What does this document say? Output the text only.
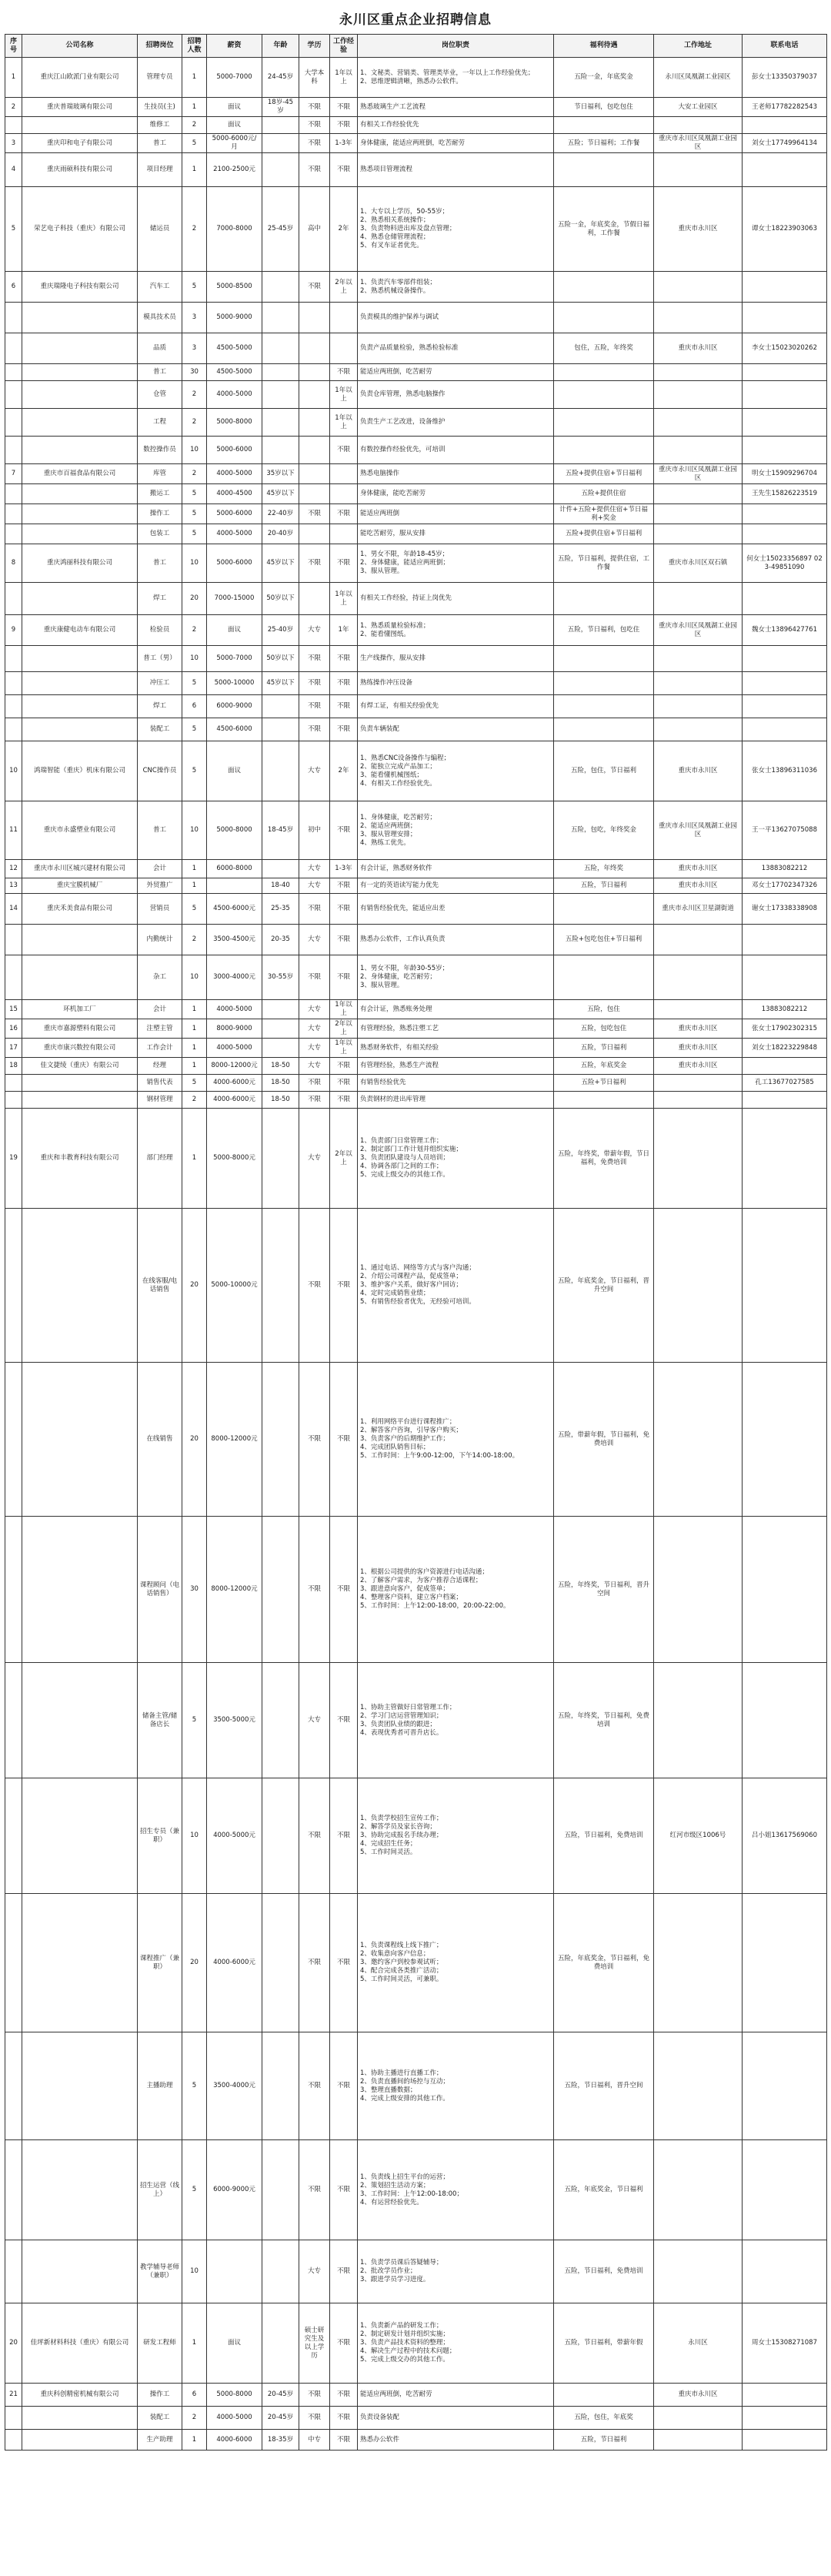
永川区重点企业招聘信息
序号	公司名称	招聘岗位	招聘人数	薪资	年龄	学历	工作经验	岗位职责	福利待遇	工作地址	联系电话
1	重庆江山欧派门业有限公司	管理专员	1	5000-7000	24-45岁	大学本科	1年以上	1、文秘类、营销类、管理类毕业，一年以上工作经验优先；
2、思维逻辑清晰，熟悉办公软件。	五险一金，年底奖金	永川区凤凰湖工业园区	彭女士13350379037
2	重庆普瑞玻璃有限公司	生技员(主)	1	面议	18岁-45岁	不限	不限	熟悉玻璃生产工艺流程	节日福利，包吃包住	大安工业园区	王老师17782282543
		维修工	2	面议		不限	不限	有相关工作经验优先			
3	重庆印和电子有限公司	普工	5	5000-6000元/月		不限	1-3年	身体健康，能适应两班倒，吃苦耐劳	五险；节日福利；工作餐	重庆市永川区凤凰湖工业园区	刘女士17749964134
4	重庆雨硕科技有限公司	项目经理	1	2100-2500元		不限	不限	熟悉项目管理流程			
5	荣艺电子科技（重庆）有限公司	储运员	2	7000-8000	25-45岁	高中	2年	1、大专以上学历，50-55岁；
2、熟悉相关系统操作；
3、负责物料进出库及盘点管理；
4、熟悉仓储管理流程；
5、有叉车证者优先。	五险一金，年底奖金，节假日福利，工作餐	重庆市永川区	谭女士18223903063
6	重庆瑞隆电子科技有限公司	汽车工	5	5000-8500		不限	2年以上	1、负责汽车零部件组装；
2、熟悉机械设备操作。			
		模具技术员	3	5000-9000				负责模具的维护保养与调试			
		品质	3	4500-5000				负责产品质量检验，熟悉检验标准	包住，五险，年终奖	重庆市永川区	李女士15023020262
		普工	30	4500-5000			不限	能适应两班倒，吃苦耐劳			
		仓管	2	4000-5000			1年以上	负责仓库管理，熟悉电脑操作			
		工程	2	5000-8000			1年以上	负责生产工艺改进，设备维护			
		数控操作员	10	5000-6000			不限	有数控操作经验优先，可培训			
7	重庆市百福食品有限公司	库管	2	4000-5000	35岁以下			熟悉电脑操作	五险+提供住宿+节日福利	重庆市永川区凤凰湖工业园区	明女士15909296704
		搬运工	5	4000-4500	45岁以下			身体健康，能吃苦耐劳	五险+提供住宿		王先生15826223519
		操作工	5	5000-6000	22-40岁	不限	不限	能适应两班倒	计件+五险+提供住宿+节日福利+奖金		
		包装工	5	4000-5000	20-40岁			能吃苦耐劳，服从安排	五险+提供住宿+节日福利		
8	重庆鸿丽科技有限公司	普工	10	5000-6000	45岁以下	不限	不限	1、男女不限，年龄18-45岁；
2、身体健康，能适应两班倒；
3、服从管理。	五险，节日福利，提供住宿，工作餐	重庆市永川区双石镇	何女士15023356897 023-49851090
		焊工	20	7000-15000	50岁以下		1年以上	有相关工作经验，持证上岗优先			
9	重庆康健电动车有限公司	检验员	2	面议	25-40岁	大专	1年	1、熟悉质量检验标准；
2、能看懂图纸。	五险，节日福利，包吃住	重庆市永川区凤凰湖工业园区	魏女士13896427761
		普工（男）	10	5000-7000	50岁以下	不限	不限	生产线操作，服从安排			
		冲压工	5	5000-10000	45岁以下	不限	不限	熟练操作冲压设备			
		焊工	6	6000-9000		不限	不限	有焊工证，有相关经验优先			
		装配工	5	4500-6000		不限	不限	负责车辆装配			
10	鸿瑞智能（重庆）机床有限公司	CNC操作员	5	面议		大专	2年	1、熟悉CNC设备操作与编程；
2、能独立完成产品加工；
3、能看懂机械图纸；
4、有相关工作经验优先。	五险，包住，节日福利	重庆市永川区	张女士13896311036
11	重庆市永盛塑业有限公司	普工	10	5000-8000	18-45岁	初中	不限	1、身体健康，吃苦耐劳；
2、能适应两班倒；
3、服从管理安排；
4、熟练工优先。	五险，包吃，年终奖金	重庆市永川区凤凰湖工业园区	王一平13627075088
12	重庆市永川区城兴建材有限公司	会计	1	6000-8000		大专	1-3年	有会计证，熟悉财务软件	五险，年终奖	重庆市永川区	13883082212
13	重庆宝膜机械厂	外贸推广	1		18-40	大专	不限	有一定的英语读写能力优先	五险，节日福利	重庆市永川区	邓女士17702347326
14	重庆禾美食品有限公司	营销员	5	4500-6000元	25-35	不限	不限	有销售经验优先，能适应出差		重庆市永川区卫星湖街道	谢女士17338338908
		内勤统计	2	3500-4500元	20-35	大专	不限	熟悉办公软件，工作认真负责	五险+包吃包住+节日福利		
		杂工	10	3000-4000元	30-55岁	不限	不限	1、男女不限，年龄30-55岁；
2、身体健康，吃苦耐劳；
3、服从管理。			
15	环机加工厂	会计	1	4000-5000		大专	1年以上	有会计证，熟悉账务处理	五险，包住		13883082212
16	重庆市嘉源塑料有限公司	注塑主管	1	8000-9000		大专	2年以上	有管理经验，熟悉注塑工艺	五险，包吃包住	重庆市永川区	张女士17902302315
17	重庆市康兴数控有限公司	工作会计	1	4000-5000		大专	1年以上	熟悉财务软件，有相关经验	五险，节日福利	重庆市永川区	刘女士18223229848
18	佳文捷绫（重庆）有限公司	经理	1	8000-12000元	18-50	大专	不限	有管理经验，熟悉生产流程	五险，年底奖金	重庆市永川区	
		销售代表	5	4000-6000元	18-50	不限	不限	有销售经验优先	五险+节日福利		孔工13677027585
		钢材管理	2	4000-6000元	18-50	不限	不限	负责钢材的进出库管理			
19	重庆和丰教育科技有限公司	部门经理	1	5000-8000元		大专	2年以上	1、负责部门日常管理工作；
2、制定部门工作计划并组织实施；
3、负责团队建设与人员培训；
4、协调各部门之间的工作；
5、完成上级交办的其他工作。	五险，年终奖，带薪年假，节日福利，免费培训		
		在线客服/电话销售	20	5000-10000元		不限	不限	1、通过电话、网络等方式与客户沟通；
2、介绍公司课程产品，促成签单；
3、维护客户关系，做好客户回访；
4、定时完成销售业绩；
5、有销售经验者优先，无经验可培训。	五险，年底奖金，节日福利，晋升空间		
		在线销售	20	8000-12000元		不限	不限	1、利用网络平台进行课程推广；
2、解答客户咨询，引导客户购买；
3、负责客户的后期维护工作；
4、完成团队销售目标；
5、工作时间：上午9:00-12:00，下午14:00-18:00。	五险，带薪年假，节日福利，免费培训		
		课程顾问（电话销售）	30	8000-12000元		不限	不限	1、根据公司提供的客户资源进行电话沟通；
2、了解客户需求，为客户推荐合适课程；
3、跟进意向客户，促成签单；
4、整理客户资料，建立客户档案；
5、工作时间：上午12:00-18:00，20:00-22:00。	五险，年终奖，节日福利，晋升空间		
		储备主管/储备店长	5	3500-5000元		大专	不限	1、协助主管做好日常管理工作；
2、学习门店运营管理知识；
3、负责团队业绩的跟进；
4、表现优秀者可晋升店长。	五险，年终奖，节日福利，免费培训		
		招生专员（兼职）	10	4000-5000元		不限	不限	1、负责学校招生宣传工作；
2、解答学员及家长咨询；
3、协助完成报名手续办理；
4、完成招生任务；
5、工作时间灵活。	五险，节日福利，免费培训	红河市级区1006号	吕小姐13617569060
		课程推广（兼职）	20	4000-6000元		不限	不限	1、负责课程线上线下推广；
2、收集意向客户信息；
3、邀约客户到校参观试听；
4、配合完成各类推广活动；
5、工作时间灵活，可兼职。	五险，年底奖金，节日福利，免费培训		
		主播助理	5	3500-4000元		不限	不限	1、协助主播进行直播工作；
2、负责直播间的场控与互动；
3、整理直播数据；
4、完成上级安排的其他工作。	五险，节日福利，晋升空间		
		招生运营（线上）	5	6000-9000元		不限	不限	1、负责线上招生平台的运营；
2、策划招生活动方案；
3、工作时间：上午12:00-18:00；
4、有运营经验优先。	五险，年底奖金，节日福利		
		教学辅导老师（兼职）	10			大专	不限	1、负责学员课后答疑辅导；
2、批改学员作业；
3、跟进学员学习进度。	五险，节日福利，免费培训		
20	佳坪新材料科技（重庆）有限公司	研发工程师	1	面议		硕士研究生及以上学历	不限	1、负责新产品的研发工作；
2、制定研发计划并组织实施；
3、负责产品技术资料的整理；
4、解决生产过程中的技术问题；
5、完成上级交办的其他工作。	五险，节日福利，带薪年假	永川区	周女士15308271087
21	重庆科创精密机械有限公司	操作工	6	5000-8000	20-45岁	不限	不限	能适应两班倒，吃苦耐劳		重庆市永川区	
		装配工	2	4000-5000	20-45岁	不限	不限	负责设备装配	五险，包住，年底奖		
		生产助理	1	4000-6000	18-35岁	中专	不限	熟悉办公软件	五险，节日福利		
